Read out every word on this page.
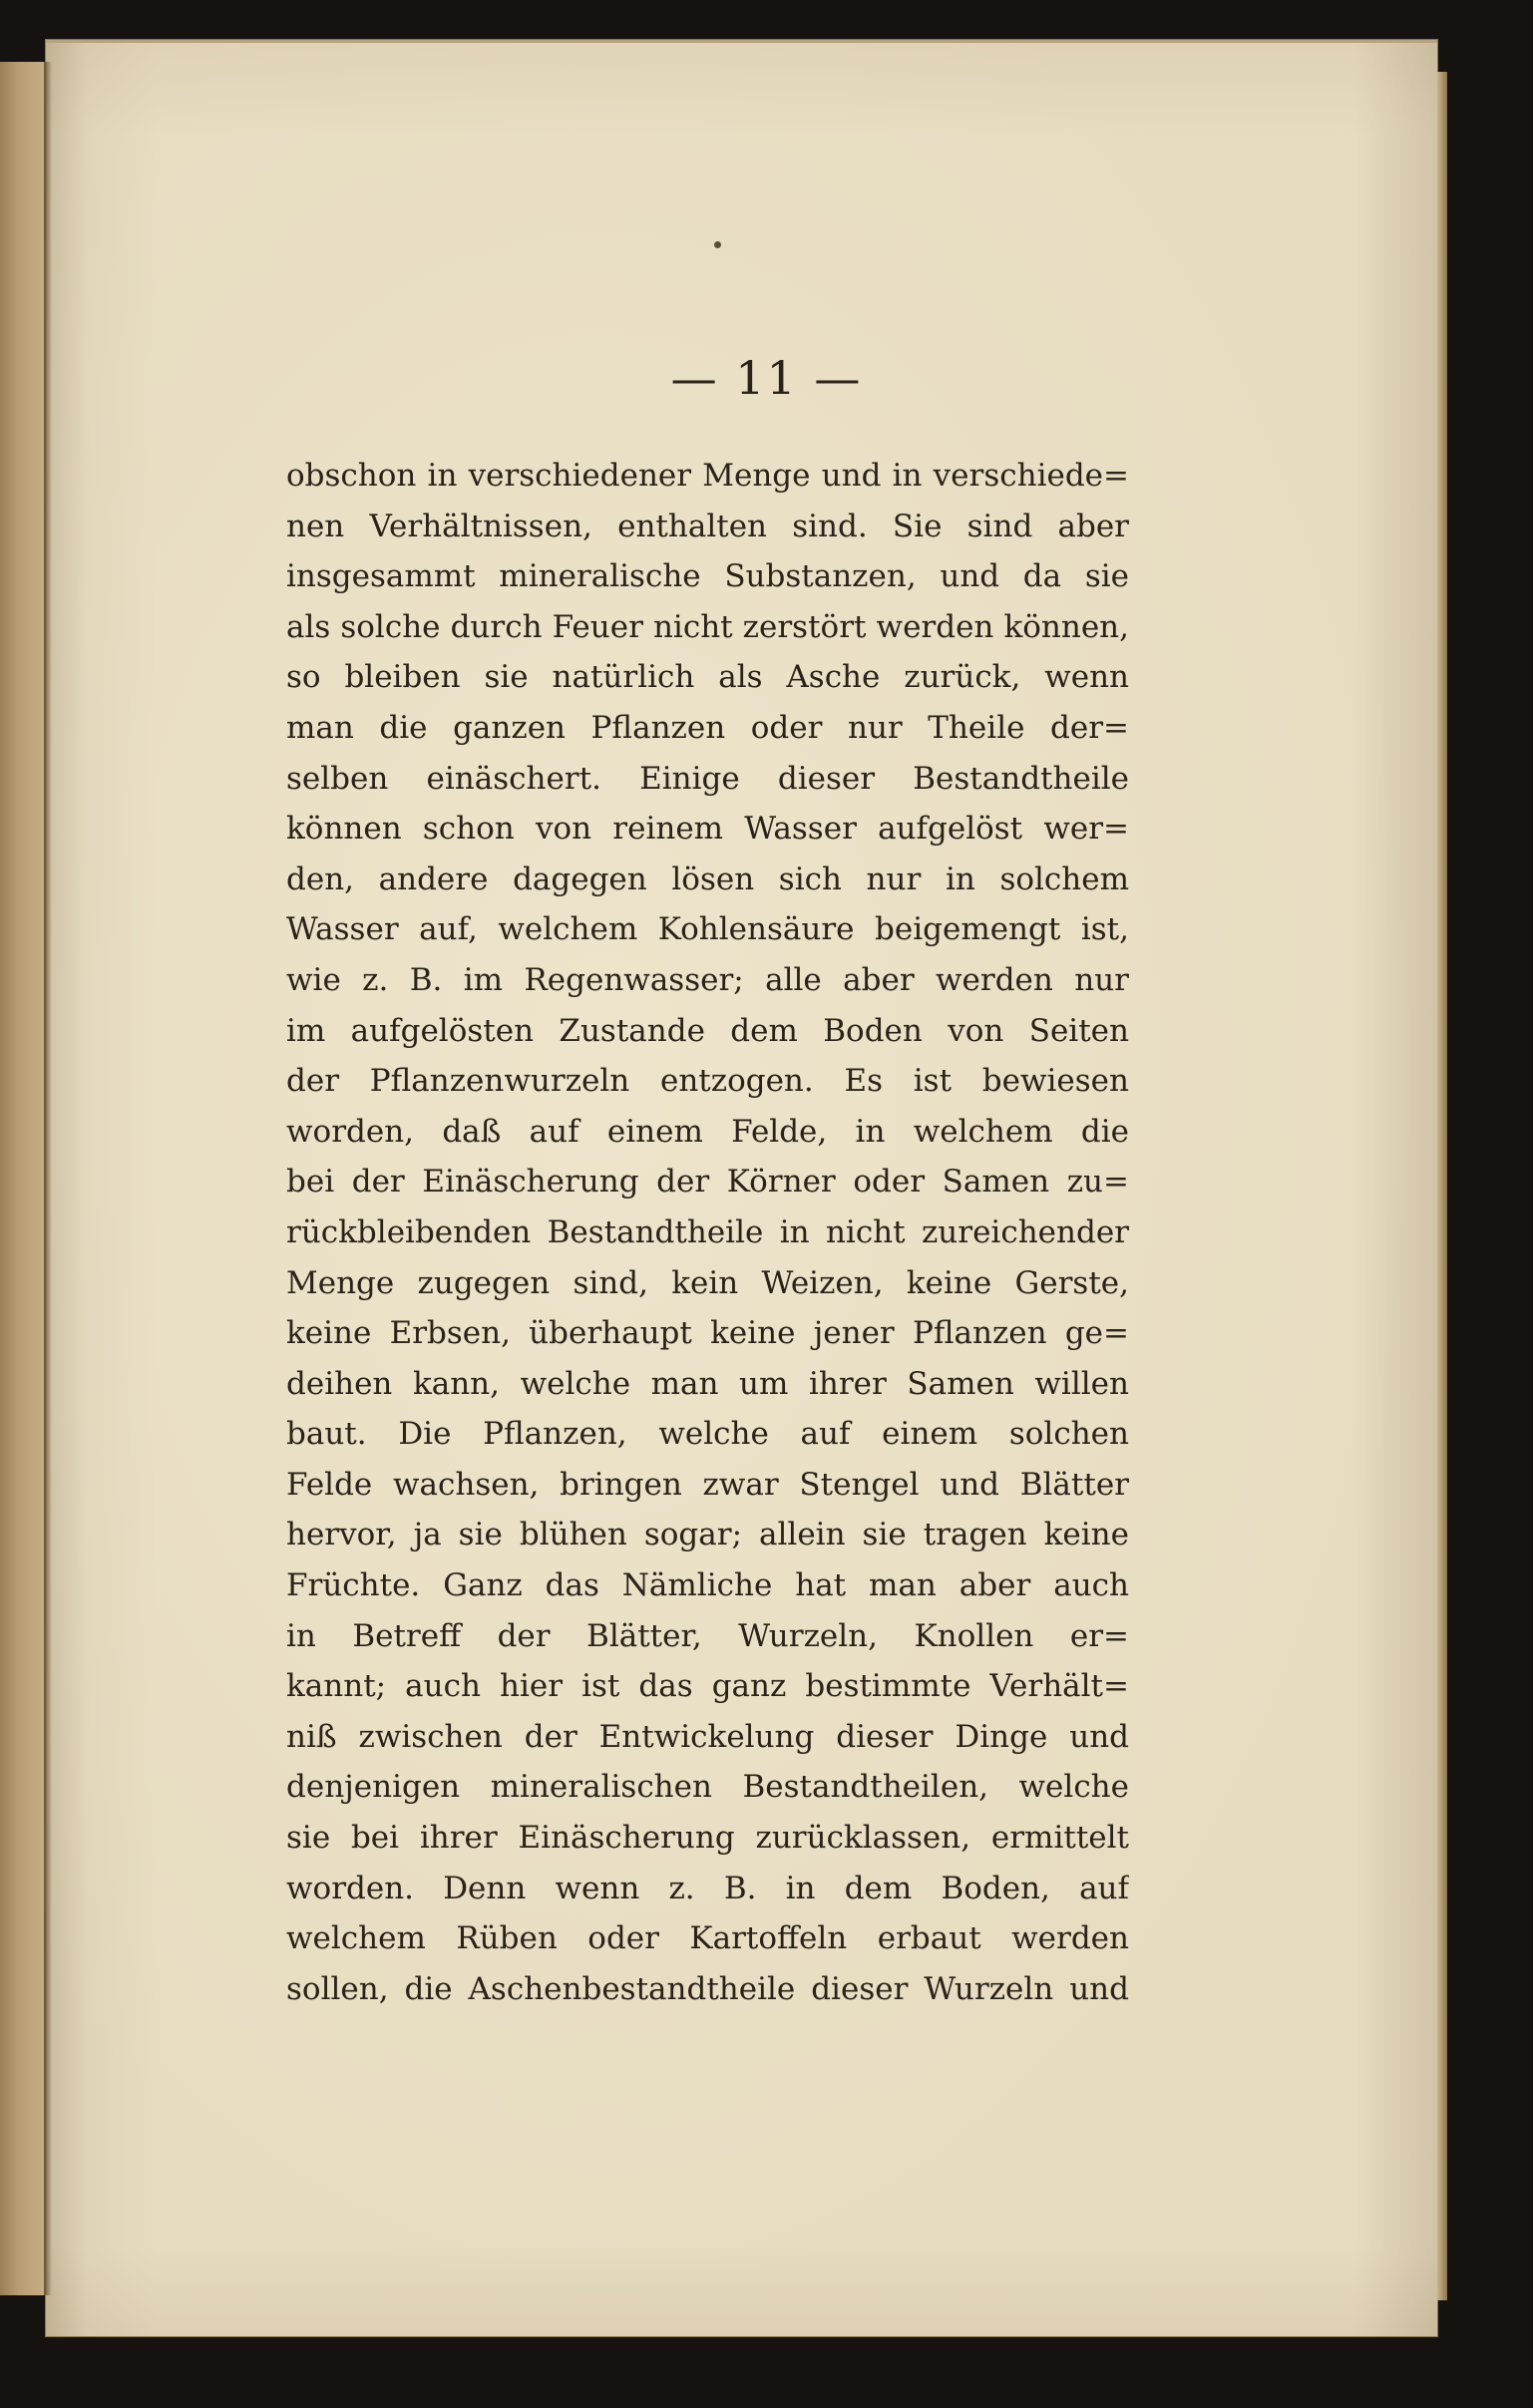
— 11 —
obschon in verschiedener Menge und in verschiede=
nen Verhältnissen, enthalten sind. Sie sind aber
insgesammt mineralische Substanzen, und da sie
als solche durch Feuer nicht zerstört werden können,
so bleiben sie natürlich als Asche zurück, wenn
man die ganzen Pflanzen oder nur Theile der=
selben einäschert. Einige dieser Bestandtheile
können schon von reinem Wasser aufgelöst wer=
den, andere dagegen lösen sich nur in solchem
Wasser auf, welchem Kohlensäure beigemengt ist,
wie z. B. im Regenwasser; alle aber werden nur
im aufgelösten Zustande dem Boden von Seiten
der Pflanzenwurzeln entzogen. Es ist bewiesen
worden, daß auf einem Felde, in welchem die
bei der Einäscherung der Körner oder Samen zu=
rückbleibenden Bestandtheile in nicht zureichender
Menge zugegen sind, kein Weizen, keine Gerste,
keine Erbsen, überhaupt keine jener Pflanzen ge=
deihen kann, welche man um ihrer Samen willen
baut. Die Pflanzen, welche auf einem solchen
Felde wachsen, bringen zwar Stengel und Blätter
hervor, ja sie blühen sogar; allein sie tragen keine
Früchte. Ganz das Nämliche hat man aber auch
in Betreff der Blätter, Wurzeln, Knollen er=
kannt; auch hier ist das ganz bestimmte Verhält=
niß zwischen der Entwickelung dieser Dinge und
denjenigen mineralischen Bestandtheilen, welche
sie bei ihrer Einäscherung zurücklassen, ermittelt
worden. Denn wenn z. B. in dem Boden, auf
welchem Rüben oder Kartoffeln erbaut werden
sollen, die Aschenbestandtheile dieser Wurzeln und
